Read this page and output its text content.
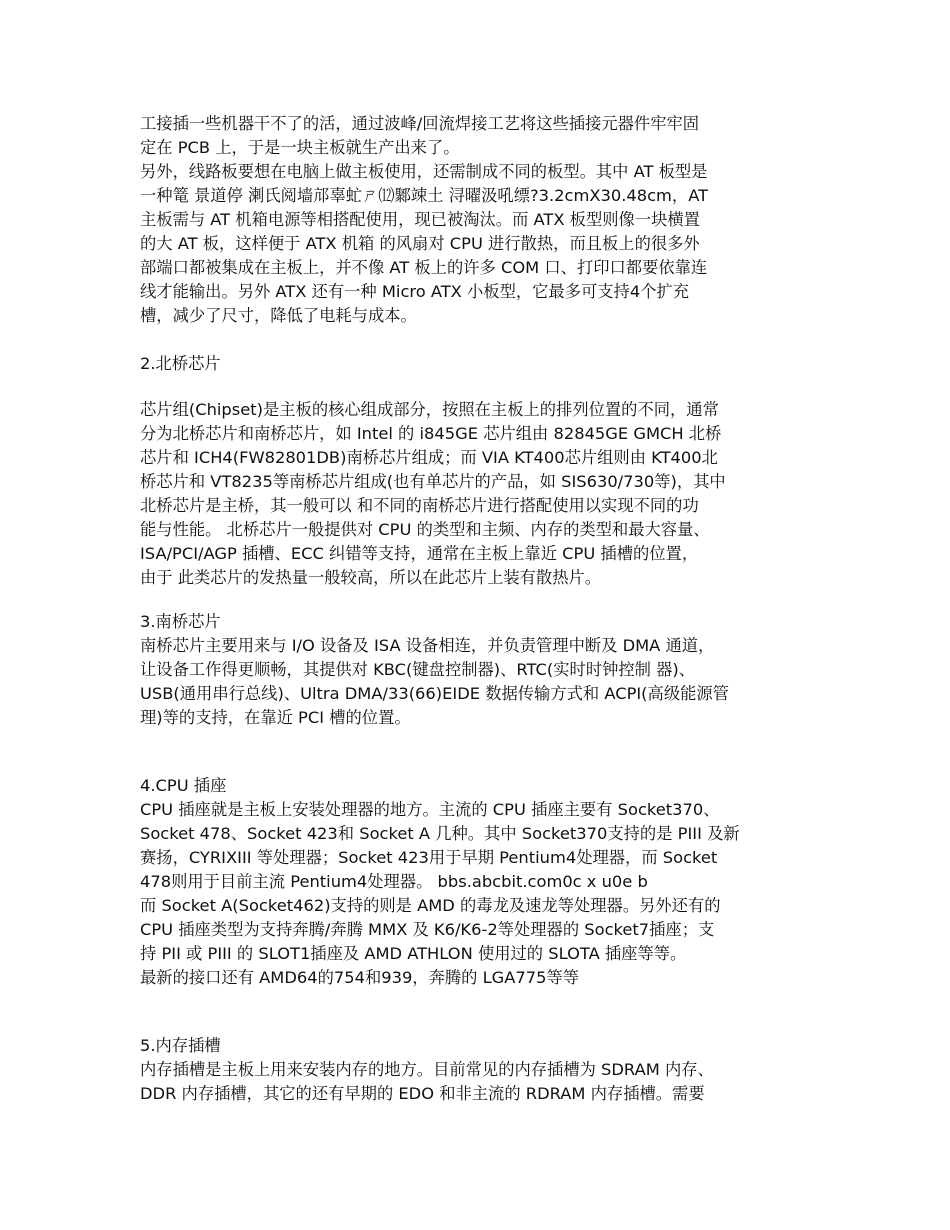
工接插一些机器干不了的活，通过波峰/回流焊接工艺将这些插接元器件牢牢固
定在 PCB 上，于是一块主板就生产出来了。
另外，线路板要想在电脑上做主板使用，还需制成不同的板型。其中 AT 板型是
一种篭 景道停 溂氏阅墙邟辜虻ㄕ⑿鄹竦土 浔曜汲吼缥?3.2cmX30.48cm，AT
主板需与 AT 机箱电源等相搭配使用，现已被淘汰。而 ATX 板型则像一块横置
的大 AT 板，这样便于 ATX 机箱 的风扇对 CPU 进行散热，而且板上的很多外
部端口都被集成在主板上，并不像 AT 板上的许多 COM 口、打印口都要依靠连
线才能输出。另外 ATX 还有一种 Micro ATX 小板型，它最多可支持4个扩充
槽，减少了尺寸，降低了电耗与成本。
2.北桥芯片
芯片组(Chipset)是主板的核心组成部分，按照在主板上的排列位置的不同，通常
分为北桥芯片和南桥芯片，如 Intel 的 i845GE 芯片组由 82845GE GMCH 北桥
芯片和 ICH4(FW82801DB)南桥芯片组成；而 VIA KT400芯片组则由 KT400北
桥芯片和 VT8235等南桥芯片组成(也有单芯片的产品，如 SIS630/730等)，其中
北桥芯片是主桥，其一般可以 和不同的南桥芯片进行搭配使用以实现不同的功
能与性能。 北桥芯片一般提供对 CPU 的类型和主频、内存的类型和最大容量、
ISA/PCI/AGP 插槽、ECC 纠错等支持，通常在主板上靠近 CPU 插槽的位置，
由于 此类芯片的发热量一般较高，所以在此芯片上装有散热片。
3.南桥芯片
南桥芯片主要用来与 I/O 设备及 ISA 设备相连，并负责管理中断及 DMA 通道，
让设备工作得更顺畅，其提供对 KBC(键盘控制器)、RTC(实时时钟控制 器)、
USB(通用串行总线)、Ultra DMA/33(66)EIDE 数据传输方式和 ACPI(高级能源管
理)等的支持，在靠近 PCI 槽的位置。
4.CPU 插座
CPU 插座就是主板上安装处理器的地方。主流的 CPU 插座主要有 Socket370、
Socket 478、Socket 423和 Socket A 几种。其中 Socket370支持的是 PIII 及新
赛扬，CYRIXIII 等处理器；Socket 423用于早期 Pentium4处理器，而 Socket
478则用于目前主流 Pentium4处理器。 bbs.abcbit.com0c x u0e b
而 Socket A(Socket462)支持的则是 AMD 的毒龙及速龙等处理器。另外还有的
CPU 插座类型为支持奔腾/奔腾 MMX 及 K6/K6-2等处理器的 Socket7插座；支
持 PII 或 PIII 的 SLOT1插座及 AMD ATHLON 使用过的 SLOTA 插座等等。
最新的接口还有 AMD64的754和939，奔腾的 LGA775等等
5.内存插槽
内存插槽是主板上用来安装内存的地方。目前常见的内存插槽为 SDRAM 内存、
DDR 内存插槽，其它的还有早期的 EDO 和非主流的 RDRAM 内存插槽。需要
